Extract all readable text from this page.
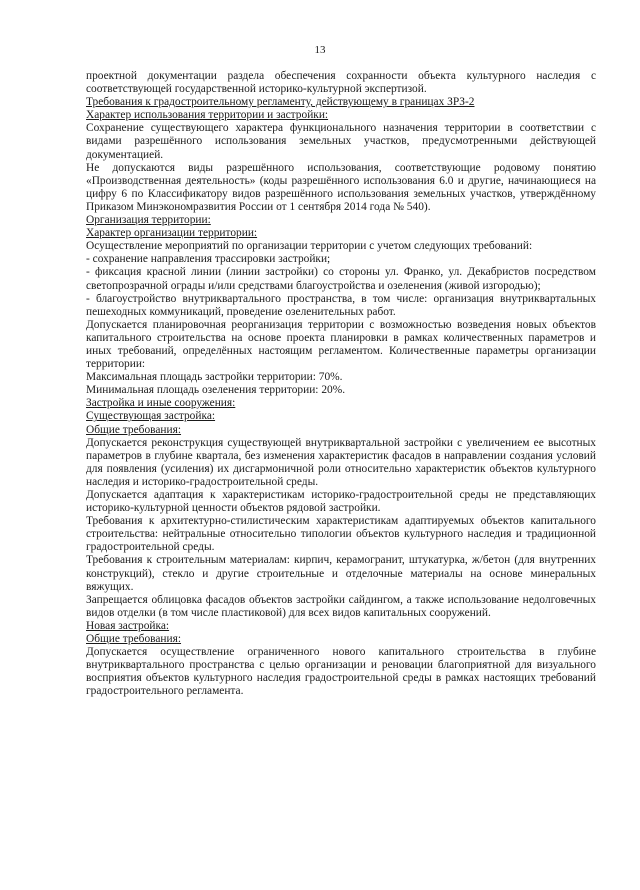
13

проектной документации раздела обеспечения сохранности объекта культурного наследия с соответствующей государственной историко-культурной экспертизой.

Требования к градостроительному регламенту, действующему в границах ЗРЗ-2

Характер использования территории и застройки:

Сохранение существующего характера функционального назначения территории в соответствии с видами разрешённого использования земельных участков, предусмотренными действующей документацией.

Не допускаются виды разрешённого использования, соответствующие родовому понятию «Производственная деятельность» (коды разрешённого использования 6.0 и другие, начинающиеся на цифру 6 по Классификатору видов разрешённого использования земельных участков, утверждённому Приказом Минэкономразвития России от 1 сентября 2014 года № 540).

Организация территории:

Характер организации территории:

Осуществление мероприятий по организации территории с учетом следующих требований:

- сохранение направления трассировки застройки;

- фиксация красной линии (линии застройки) со стороны ул. Франко, ул. Декабристов посредством светопрозрачной ограды и/или средствами благоустройства и озеленения (живой изгородью);

- благоустройство внутриквартального пространства, в том числе: организация внутриквартальных пешеходных коммуникаций, проведение озеленительных работ.

Допускается планировочная реорганизация территории с возможностью возведения новых объектов капитального строительства на основе проекта планировки в рамках количественных параметров и иных требований, определённых настоящим регламентом. Количественные параметры организации территории:

Максимальная площадь застройки территории: 70%.

Минимальная площадь озеленения территории: 20%.

Застройка и иные сооружения:

Существующая застройка:

Общие требования:

Допускается реконструкция существующей внутриквартальной застройки с увеличением ее высотных параметров в глубине квартала, без изменения характеристик фасадов в направлении создания условий для появления (усиления) их дисгармоничной роли относительно характеристик объектов культурного наследия и историко-градостроительной среды.

Допускается адаптация к характеристикам историко-градостроительной среды не представляющих историко-культурной ценности объектов рядовой застройки.

Требования к архитектурно-стилистическим характеристикам адаптируемых объектов капитального строительства: нейтральные относительно типологии объектов культурного наследия и традиционной градостроительной среды.

Требования к строительным материалам: кирпич, керамогранит, штукатурка, ж/бетон (для внутренних конструкций), стекло и другие строительные и отделочные материалы на основе минеральных вяжущих.

Запрещается облицовка фасадов объектов застройки сайдингом, а также использование недолговечных видов отделки (в том числе пластиковой) для всех видов капитальных сооружений.

Новая застройка:

Общие требования:

Допускается осуществление ограниченного нового капитального строительства в глубине внутриквартального пространства с целью организации и реновации благоприятной для визуального восприятия объектов культурного наследия градостроительной среды в рамках настоящих требований градостроительного регламента.
